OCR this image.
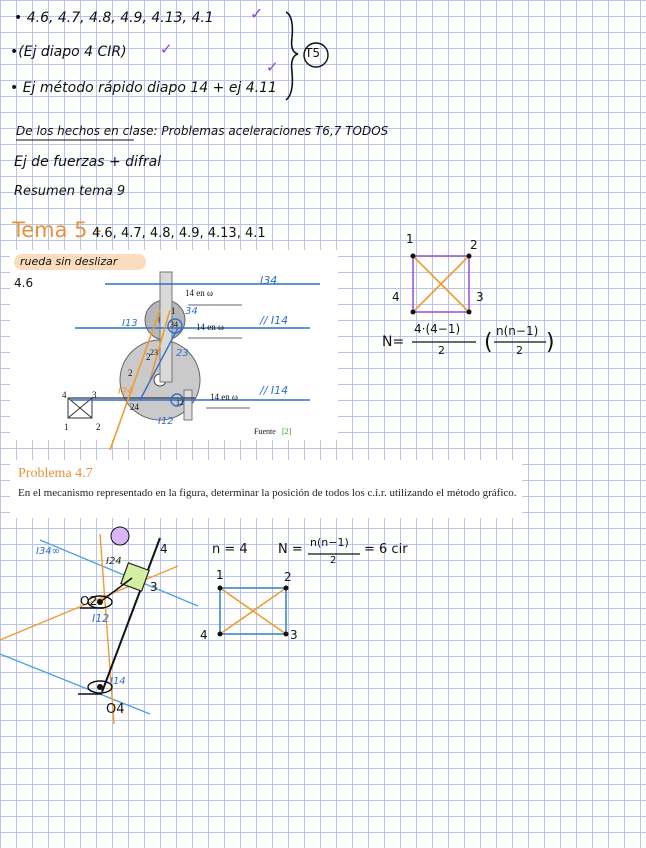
• 4.6, 4.7, 4.8, 4.9, 4.13, 4.1 ✓
•(Ej diapo 4 CIR) ✓
✓
• Ej método rápido diapo 14 + ej 4.11
T5
De los hechos en clase: Problemas aceleraciones T6,7 TODOS
Ej de fuerzas + difral
Resumen tema 9
Tema 5 -
4.6, 4.7, 4.8, 4.9, 4.13, 4.1
rueda sin deslizar
4.6
14 en ω
14 en ω
14 en ω
1
2
2
3
4
1	2
24
34
23
12
I34
// I14
// I14
I13
I24
34
23
I12
Fuente [2]
1	2
3
4
N=
4·(4−1)
2 ( n(n−1)
2 )
Problema 4.7
En el mecanismo representado en la figura, determinar la posición de todos los c.i.r. utilizando el método gráfico.
4
3
O2
O4
I34∞
I24
I12
I14
n = 4 N = n(n−1)
2
= 6 cir
1	2
3
4
